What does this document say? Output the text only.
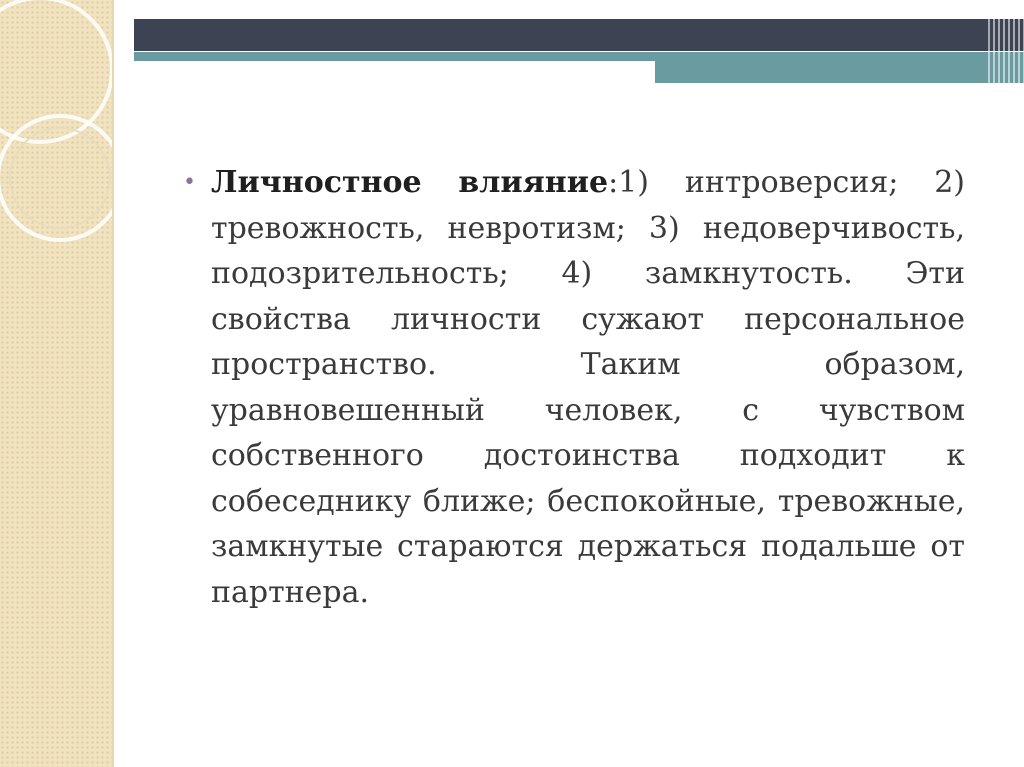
• Личностное влияние:1) интроверсия; 2) тревожность, невротизм; 3) недоверчивость, подозрительность; 4) замкнутость. Эти свойства личности сужают персональное пространство. Таким образом, уравновешенный человек, с чувством собственного достоинства подходит к собеседнику ближе; беспокойные, тревожные, замкнутые стараются держаться подальше от партнера.
